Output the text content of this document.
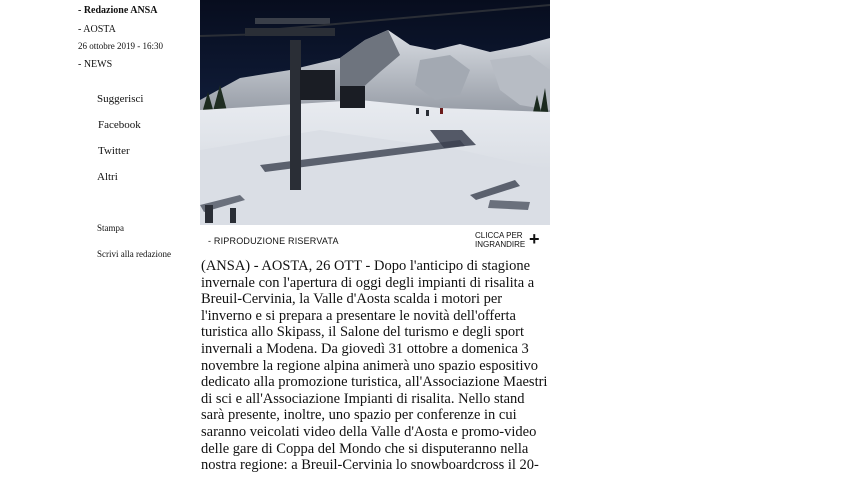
- Redazione ANSA
- AOSTA
26 ottobre 2019 - 16:30
- NEWS
Suggerisci
Facebook
Twitter
Altri
Stampa
Scrivi alla redazione
- RIPRODUZIONE RISERVATA
CLICCA PER
INGRANDIRE +

(ANSA) - AOSTA, 26 OTT - Dopo l'anticipo di stagione invernale con l'apertura di oggi degli impianti di risalita a Breuil-Cervinia, la Valle d'Aosta scalda i motori per l'inverno e si prepara a presentare le novità dell'offerta turistica allo Skipass, il Salone del turismo e degli sport invernali a Modena. Da giovedì 31 ottobre a domenica 3 novembre la regione alpina animerà uno spazio espositivo dedicato alla promozione turistica, all'Associazione Maestri di sci e all'Associazione Impianti di risalita. Nello stand sarà presente, inoltre, uno spazio per conferenze in cui saranno veicolati video della Valle d'Aosta e promo-video delle gare di Coppa del Mondo che si disputeranno nella nostra regione: a Breuil-Cervinia lo snowboardcross il 20-
